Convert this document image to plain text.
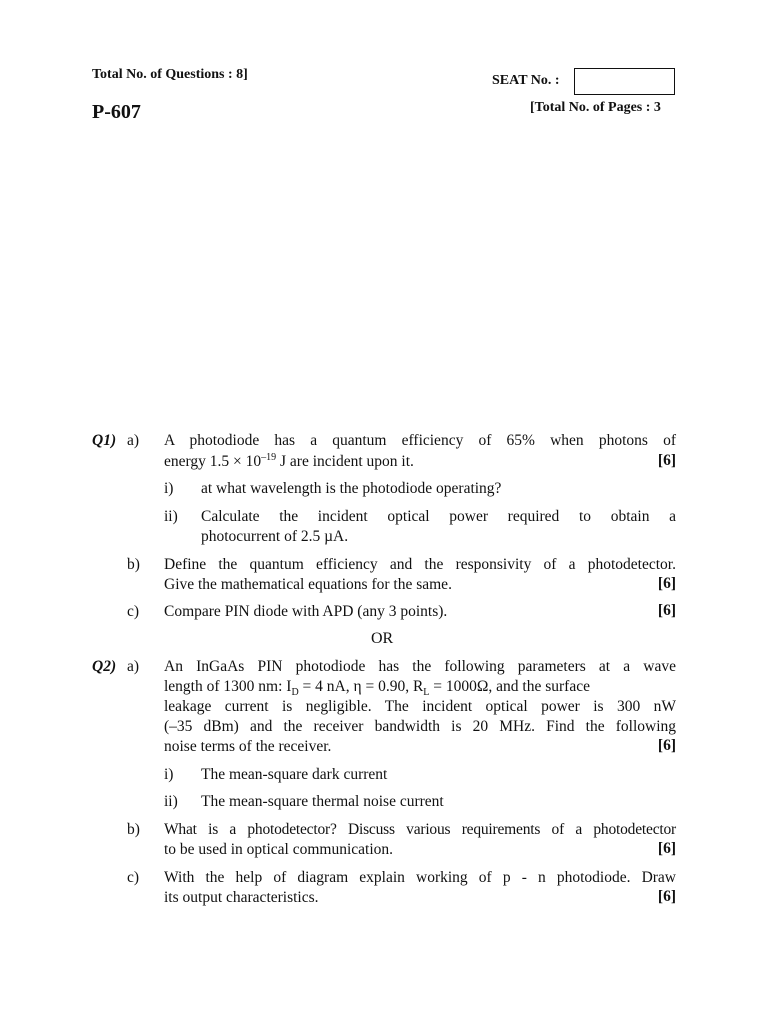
Total No. of Questions : 8]	SEAT No. :
P-607	[Total No. of Pages : 3
Q1) a) A photodiode has a quantum efficiency of 65% when photons of
energy $1.5 \times 10^{-19}$ J are incident upon it.	[6]
i) at what wavelength is the photodiode operating?
ii) Calculate the incident optical power required to obtain a
photocurrent of 2.5 µA.
b) Define the quantum efficiency and the responsivity of a photodetector.
Give the mathematical equations for the same.	[6]
c) Compare PIN diode with APD (any 3 points).	[6]
OR
Q2) a) An InGaAs PIN photodiode has the following parameters at a wave
length of 1300 nm: $I_D = 4$ nA, η = 0.90, $R_L = 1000\Omega$, and the surface
leakage current is negligible. The incident optical power is 300 nW
(–35 dBm) and the receiver bandwidth is 20 MHz. Find the following
noise terms of the receiver.	[6]
i) The mean-square dark current
ii) The mean-square thermal noise current
b) What is a photodetector? Discuss various requirements of a photodetector
to be used in optical communication.	[6]
c) With the help of diagram explain working of p - n photodiode. Draw
its output characteristics.	[6]
